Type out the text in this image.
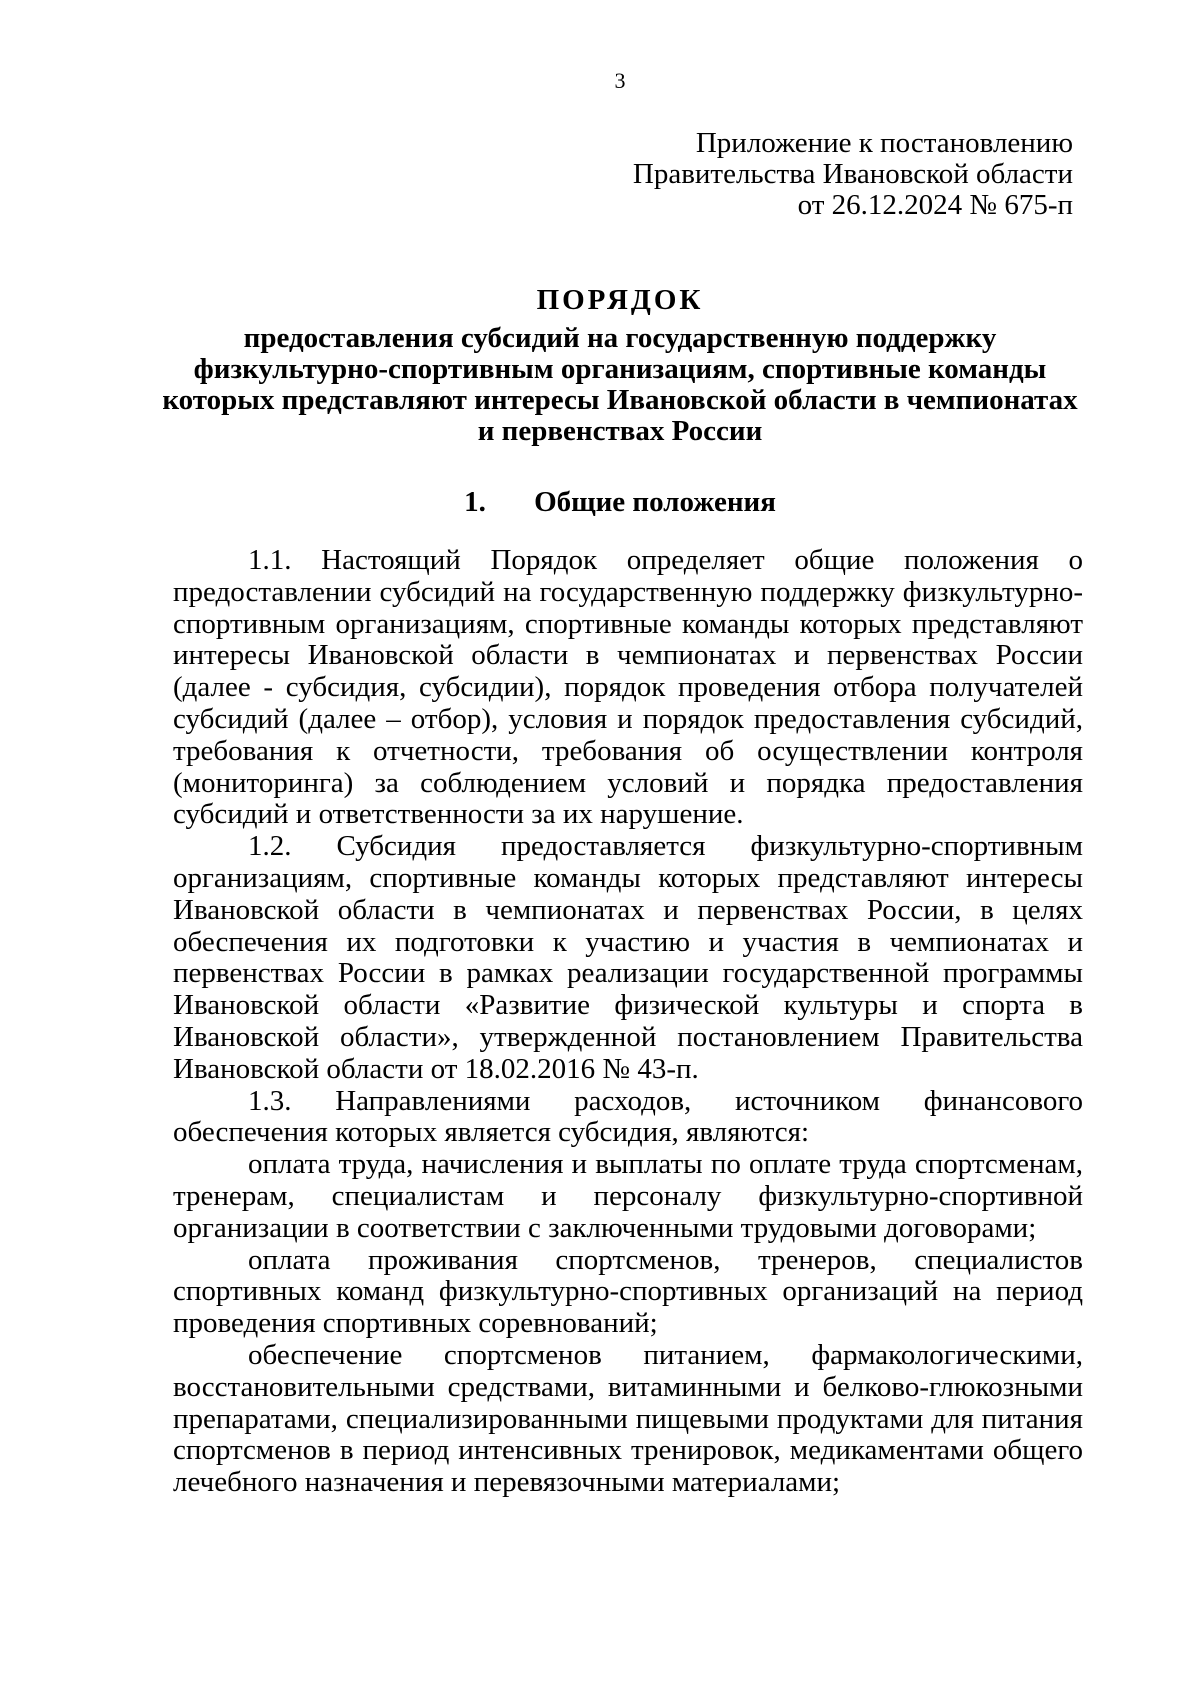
3
Приложение к постановлению
Правительства Ивановской области
от 26.12.2024 № 675-п
ПОРЯДОК
предоставления субсидий на государственную поддержку физкультурно-спортивным организациям, спортивные команды которых представляют интересы Ивановской области в чемпионатах и первенствах России
1. Общие положения

1.1. Настоящий Порядок определяет общие положения о предоставлении субсидий на государственную поддержку физкультурно-спортивным организациям, спортивные команды которых представляют интересы Ивановской области в чемпионатах и первенствах России (далее - субсидия, субсидии), порядок проведения отбора получателей субсидий (далее – отбор), условия и порядок предоставления субсидий, требования к отчетности, требования об осуществлении контроля (мониторинга) за соблюдением условий и порядка предоставления субсидий и ответственности за их нарушение.

1.2. Субсидия предоставляется физкультурно-спортивным организациям, спортивные команды которых представляют интересы Ивановской области в чемпионатах и первенствах России, в целях обеспечения их подготовки к участию и участия в чемпионатах и первенствах России в рамках реализации государственной программы Ивановской области «Развитие физической культуры и спорта в Ивановской области», утвержденной постановлением Правительства Ивановской области от 18.02.2016 № 43-п.

1.3. Направлениями расходов, источником финансового обеспечения которых является субсидия, являются:

оплата труда, начисления и выплаты по оплате труда спортсменам, тренерам, специалистам и персоналу физкультурно-спортивной организации в соответствии с заключенными трудовыми договорами;

оплата проживания спортсменов, тренеров, специалистов спортивных команд физкультурно-спортивных организаций на период проведения спортивных соревнований;

обеспечение спортсменов питанием, фармакологическими, восстановительными средствами, витаминными и белково-глюкозными препаратами, специализированными пищевыми продуктами для питания спортсменов в период интенсивных тренировок, медикаментами общего лечебного назначения и перевязочными материалами;
